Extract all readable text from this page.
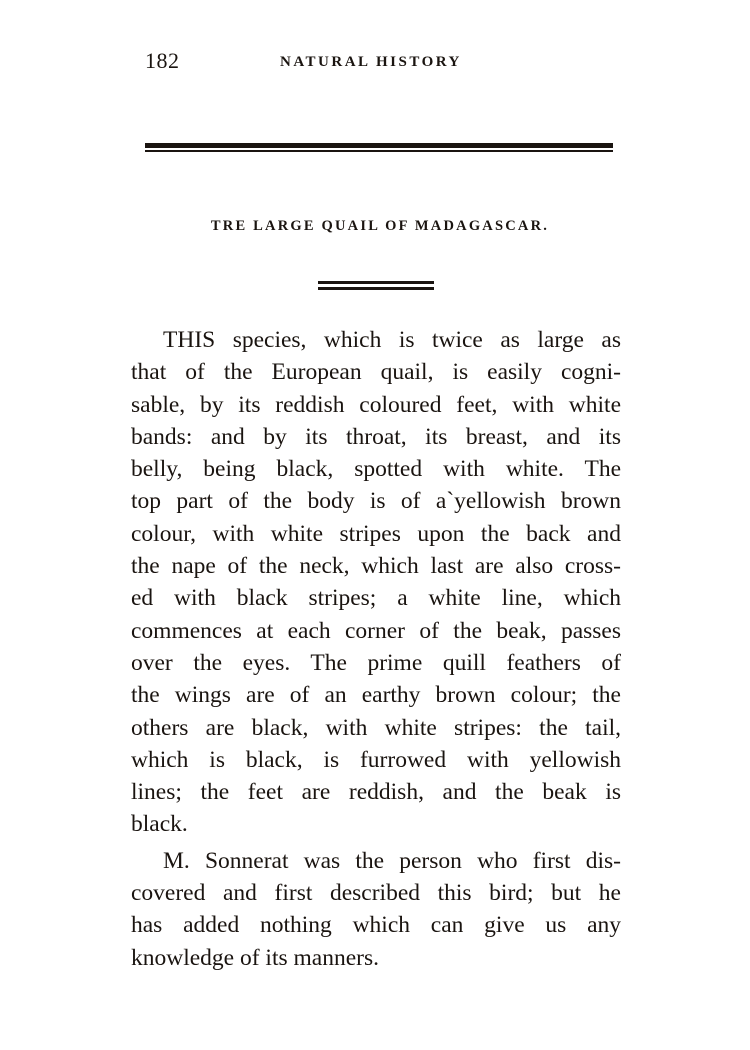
182	NATURAL HISTORY
TRE LARGE QUAIL OF MADAGASCAR.
THIS species, which is twice as large as
that of the European quail, is easily cogni-
sable, by its reddish coloured feet, with white
bands: and by its throat, its breast, and its
belly, being black, spotted with white. The
top part of the body is of a`yellowish brown
colour, with white stripes upon the back and
the nape of the neck, which last are also cross-
ed with black stripes; a white line, which
commences at each corner of the beak, passes
over the eyes. The prime quill feathers of
the wings are of an earthy brown colour; the
others are black, with white stripes: the tail,
which is black, is furrowed with yellowish
lines; the feet are reddish, and the beak is
black.
M. Sonnerat was the person who first dis-
covered and first described this bird; but he
has added nothing which can give us any
knowledge of its manners.
